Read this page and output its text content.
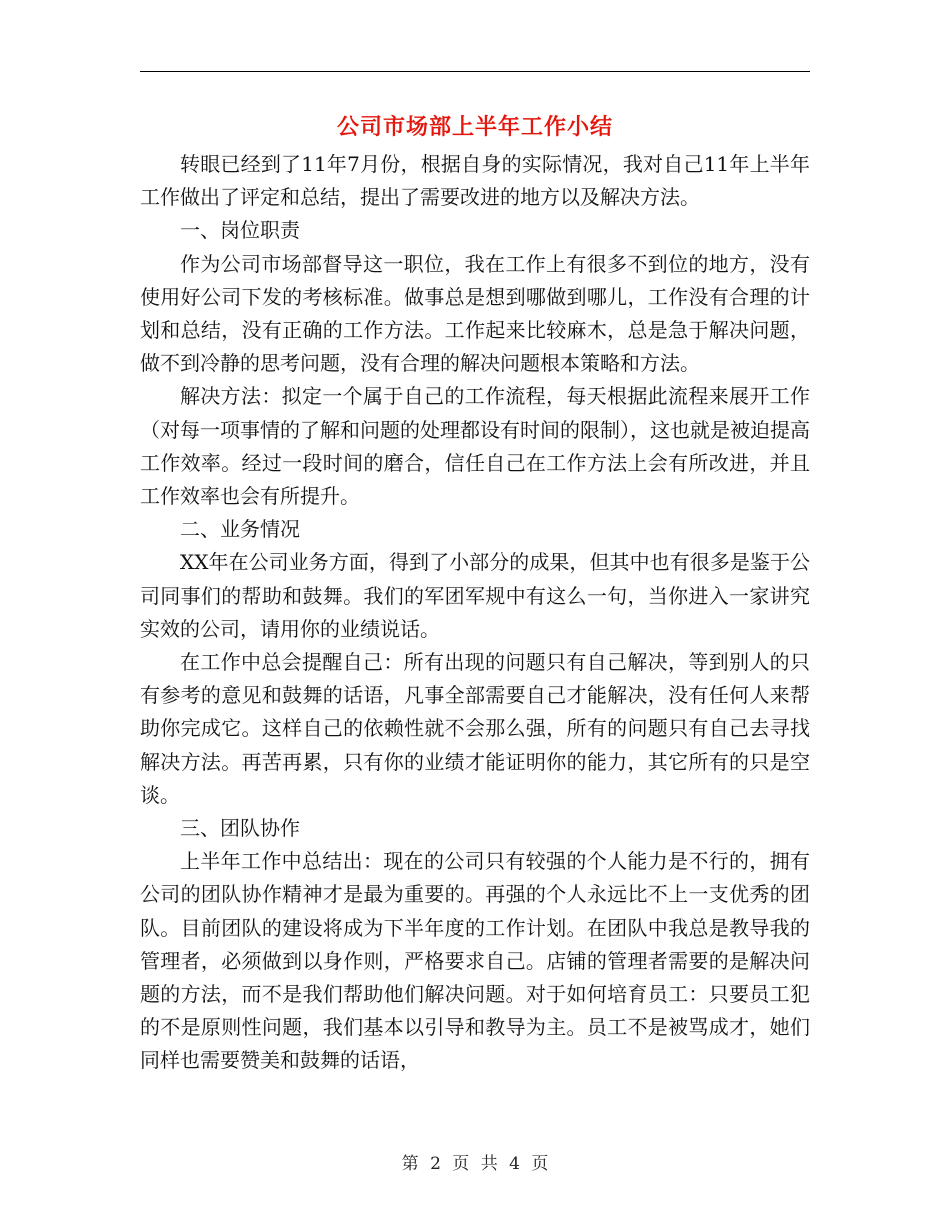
公司市场部上半年工作小结

转眼已经到了11年7月份，根据自身的实际情况，我对自己11年上半年工作做出了评定和总结，提出了需要改进的地方以及解决方法。

一、岗位职责

作为公司市场部督导这一职位，我在工作上有很多不到位的地方，没有使用好公司下发的考核标准。做事总是想到哪做到哪儿，工作没有合理的计划和总结，没有正确的工作方法。工作起来比较麻木，总是急于解决问题，做不到冷静的思考问题，没有合理的解决问题根本策略和方法。

解决方法：拟定一个属于自己的工作流程，每天根据此流程来展开工作（对每一项事情的了解和问题的处理都设有时间的限制），这也就是被迫提高工作效率。经过一段时间的磨合，信任自己在工作方法上会有所改进，并且工作效率也会有所提升。

二、业务情况

XX年在公司业务方面，得到了小部分的成果，但其中也有很多是鉴于公司同事们的帮助和鼓舞。我们的军团军规中有这么一句，当你进入一家讲究实效的公司，请用你的业绩说话。

在工作中总会提醒自己：所有出现的问题只有自己解决，等到别人的只有参考的意见和鼓舞的话语，凡事全部需要自己才能解决，没有任何人来帮助你完成它。这样自己的依赖性就不会那么强，所有的问题只有自己去寻找解决方法。再苦再累，只有你的业绩才能证明你的能力，其它所有的只是空谈。

三、团队协作

上半年工作中总结出：现在的公司只有较强的个人能力是不行的，拥有公司的团队协作精神才是最为重要的。再强的个人永远比不上一支优秀的团队。目前团队的建设将成为下半年度的工作计划。在团队中我总是教导我的管理者，必须做到以身作则，严格要求自己。店铺的管理者需要的是解决问题的方法，而不是我们帮助他们解决问题。对于如何培育员工：只要员工犯的不是原则性问题，我们基本以引导和教导为主。员工不是被骂成才，她们同样也需要赞美和鼓舞的话语，

第 2 页 共 4 页
